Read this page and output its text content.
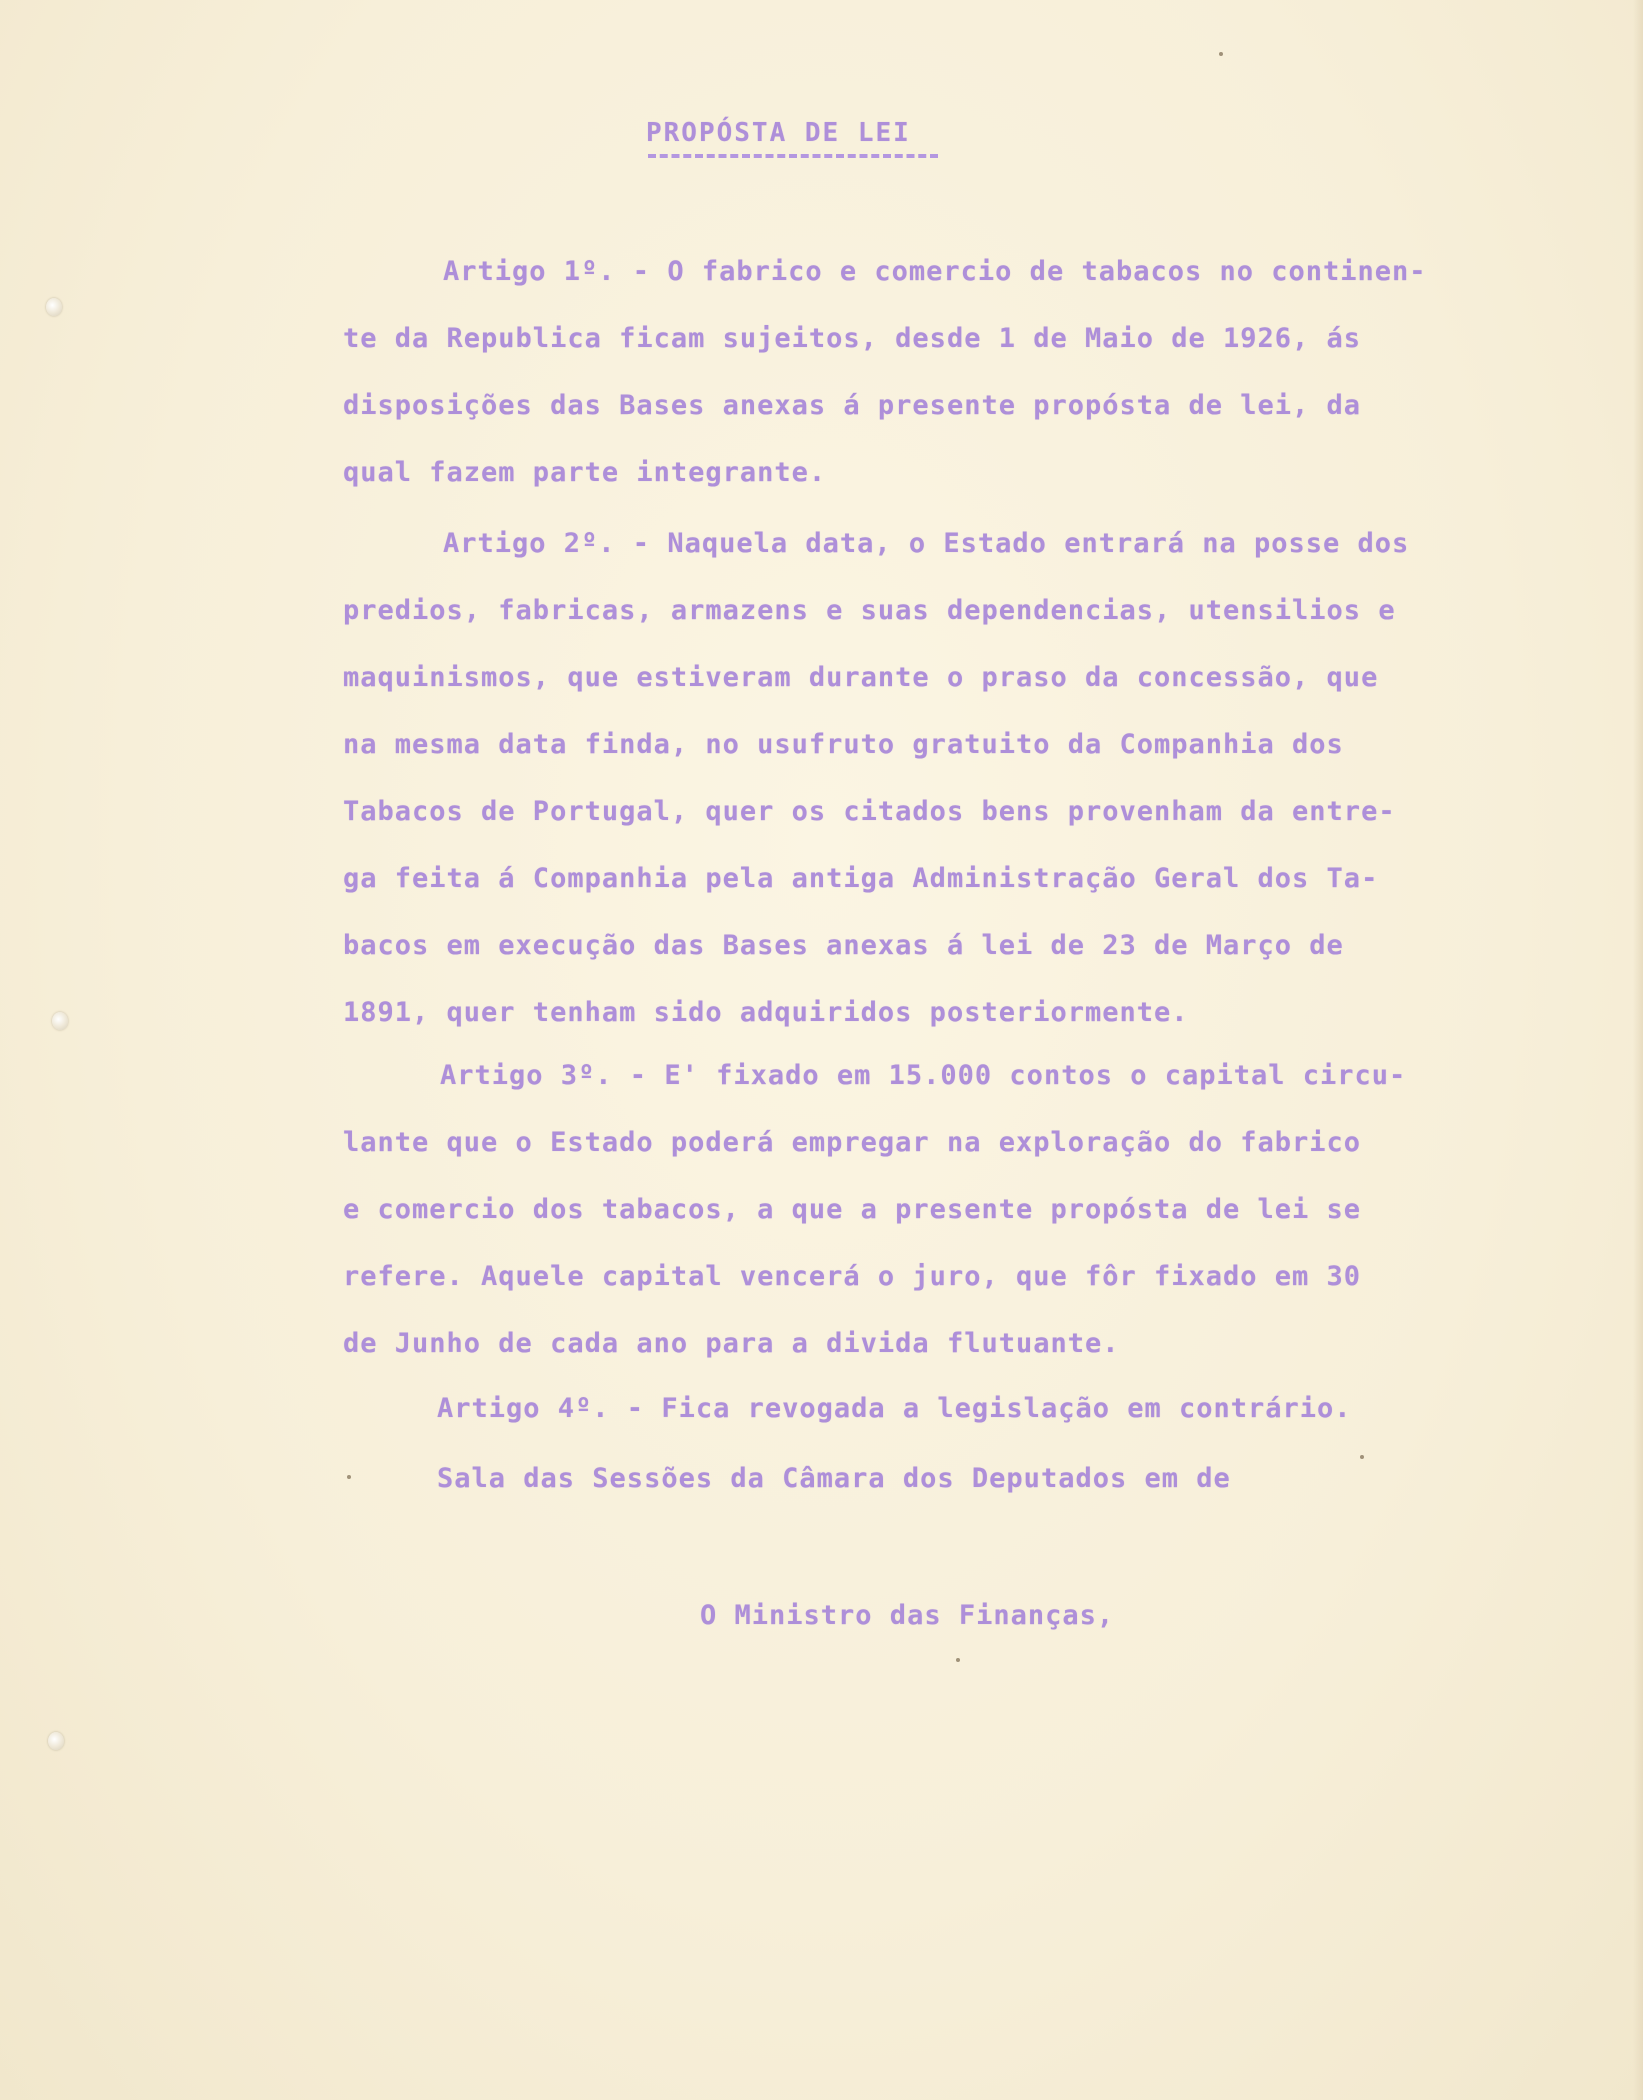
PROPÓSTA DE LEI
Artigo 1º. - O fabrico e comercio de tabacos no continen-
te da Republica ficam sujeitos, desde 1 de Maio de 1926, ás
disposições das Bases anexas á presente propósta de lei, da
qual fazem parte integrante.
Artigo 2º. - Naquela data, o Estado entrará na posse dos
predios, fabricas, armazens e suas dependencias, utensilios e
maquinismos, que estiveram durante o praso da concessão, que
na mesma data finda, no usufruto gratuito da Companhia dos
Tabacos de Portugal, quer os citados bens provenham da entre-
ga feita á Companhia pela antiga Administração Geral dos Ta-
bacos em execução das Bases anexas á lei de 23 de Março de
1891, quer tenham sido adquiridos posteriormente.
Artigo 3º. - E' fixado em 15.000 contos o capital circu-
lante que o Estado poderá empregar na exploração do fabrico
e comercio dos tabacos, a que a presente propósta de lei se
refere. Aquele capital vencerá o juro, que fôr fixado em 30
de Junho de cada ano para a divida flutuante.
Artigo 4º. - Fica revogada a legislação em contrário.
Sala das Sessões da Câmara dos Deputados em de
O Ministro das Finanças,
